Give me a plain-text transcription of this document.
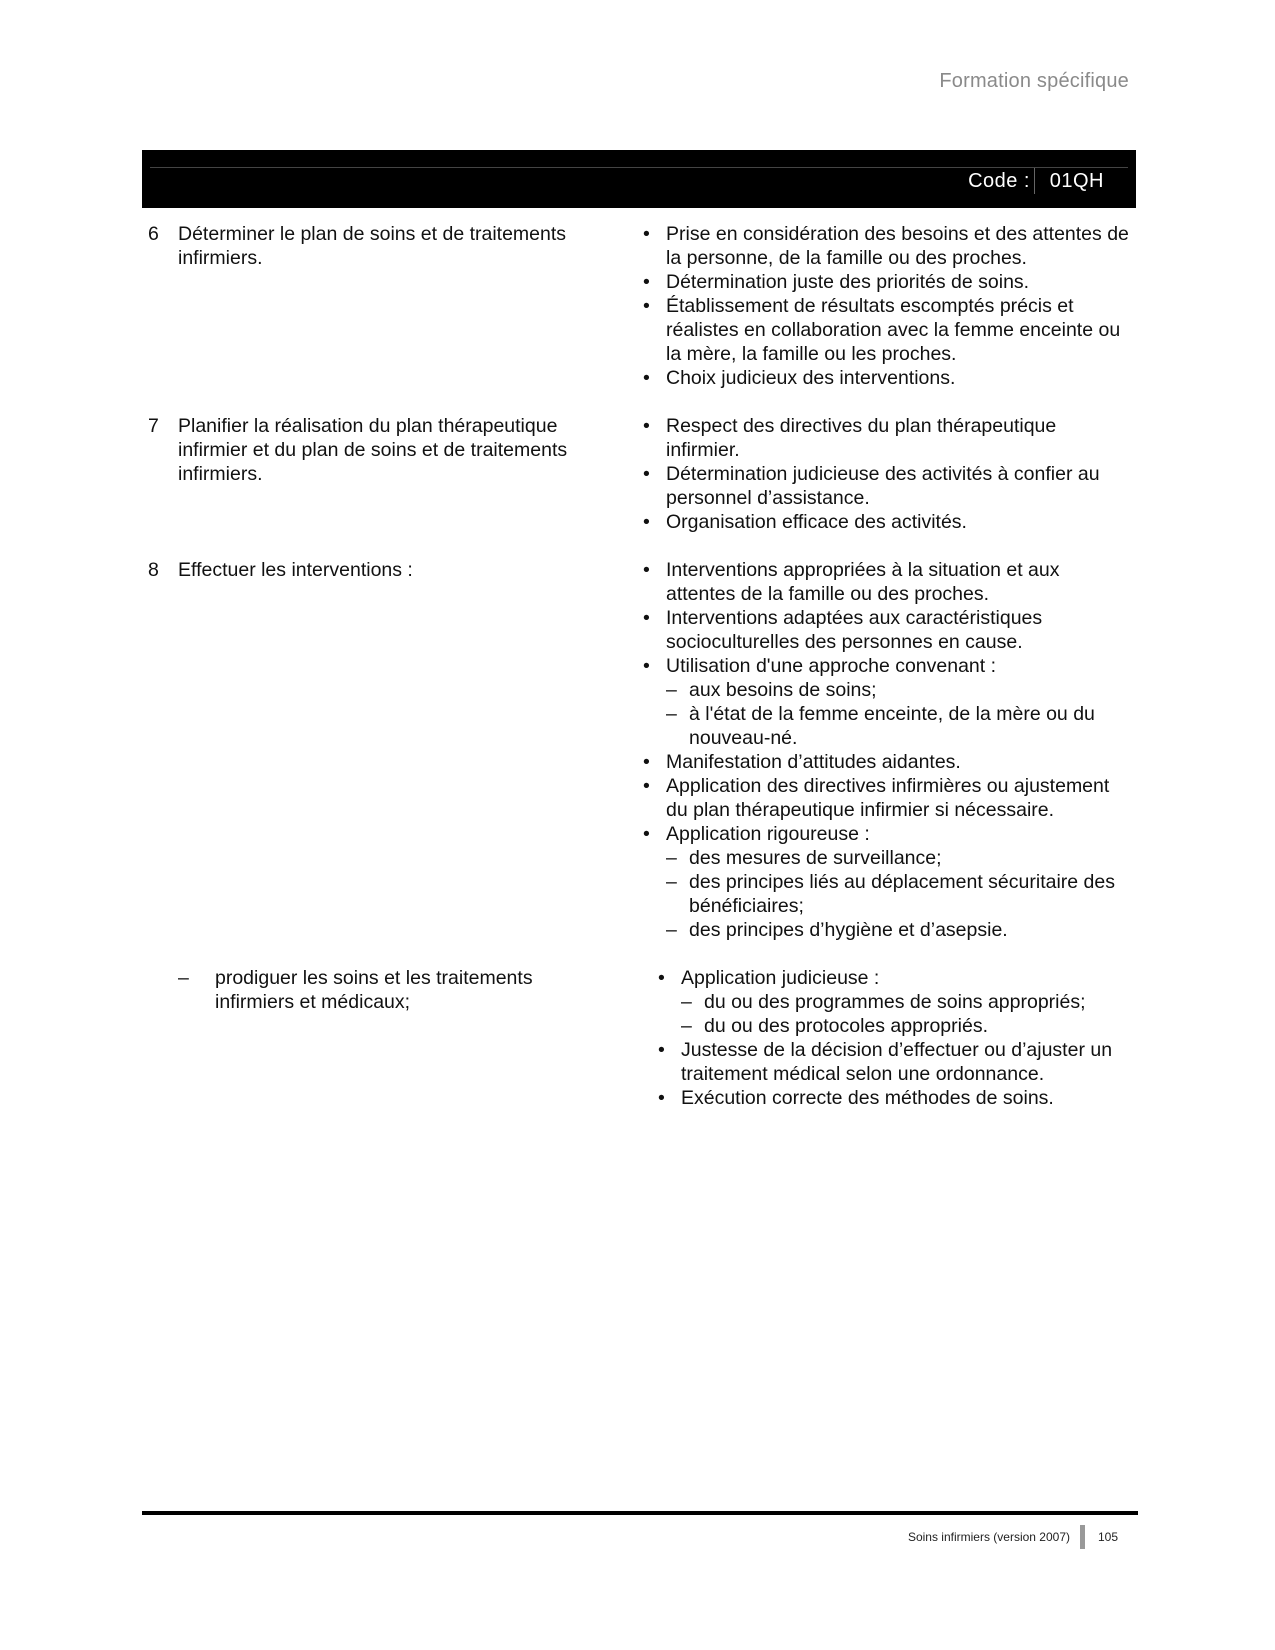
Formation spécifique
Code : 01QH
6 Déterminer le plan de soins et de traitements infirmiers.
• Prise en considération des besoins et des attentes de la personne, de la famille ou des proches.
• Détermination juste des priorités de soins.
• Établissement de résultats escomptés précis et réalistes en collaboration avec la femme enceinte ou la mère, la famille ou les proches.
• Choix judicieux des interventions.
7 Planifier la réalisation du plan thérapeutique infirmier et du plan de soins et de traitements infirmiers.
• Respect des directives du plan thérapeutique infirmier.
• Détermination judicieuse des activités à confier au personnel d’assistance.
• Organisation efficace des activités.
8 Effectuer les interventions :	• Interventions appropriées à la situation et aux attentes de la famille ou des proches.
• Interventions adaptées aux caractéristiques socioculturelles des personnes en cause.
• Utilisation d'une approche convenant :
– aux besoins de soins;
– à l'état de la femme enceinte, de la mère ou du nouveau-né.
• Manifestation d’attitudes aidantes.
• Application des directives infirmières ou ajustement du plan thérapeutique infirmier si nécessaire.
• Application rigoureuse :
– des mesures de surveillance;
– des principes liés au déplacement sécuritaire des bénéficiaires;
– des principes d’hygiène et d’asepsie.
–	prodiguer les soins et les traitements infirmiers et médicaux;
• Application judicieuse :
– du ou des programmes de soins appropriés;
– du ou des protocoles appropriés.
• Justesse de la décision d’effectuer ou d’ajuster un traitement médical selon une ordonnance.
• Exécution correcte des méthodes de soins.
Soins infirmiers (version 2007) 105
